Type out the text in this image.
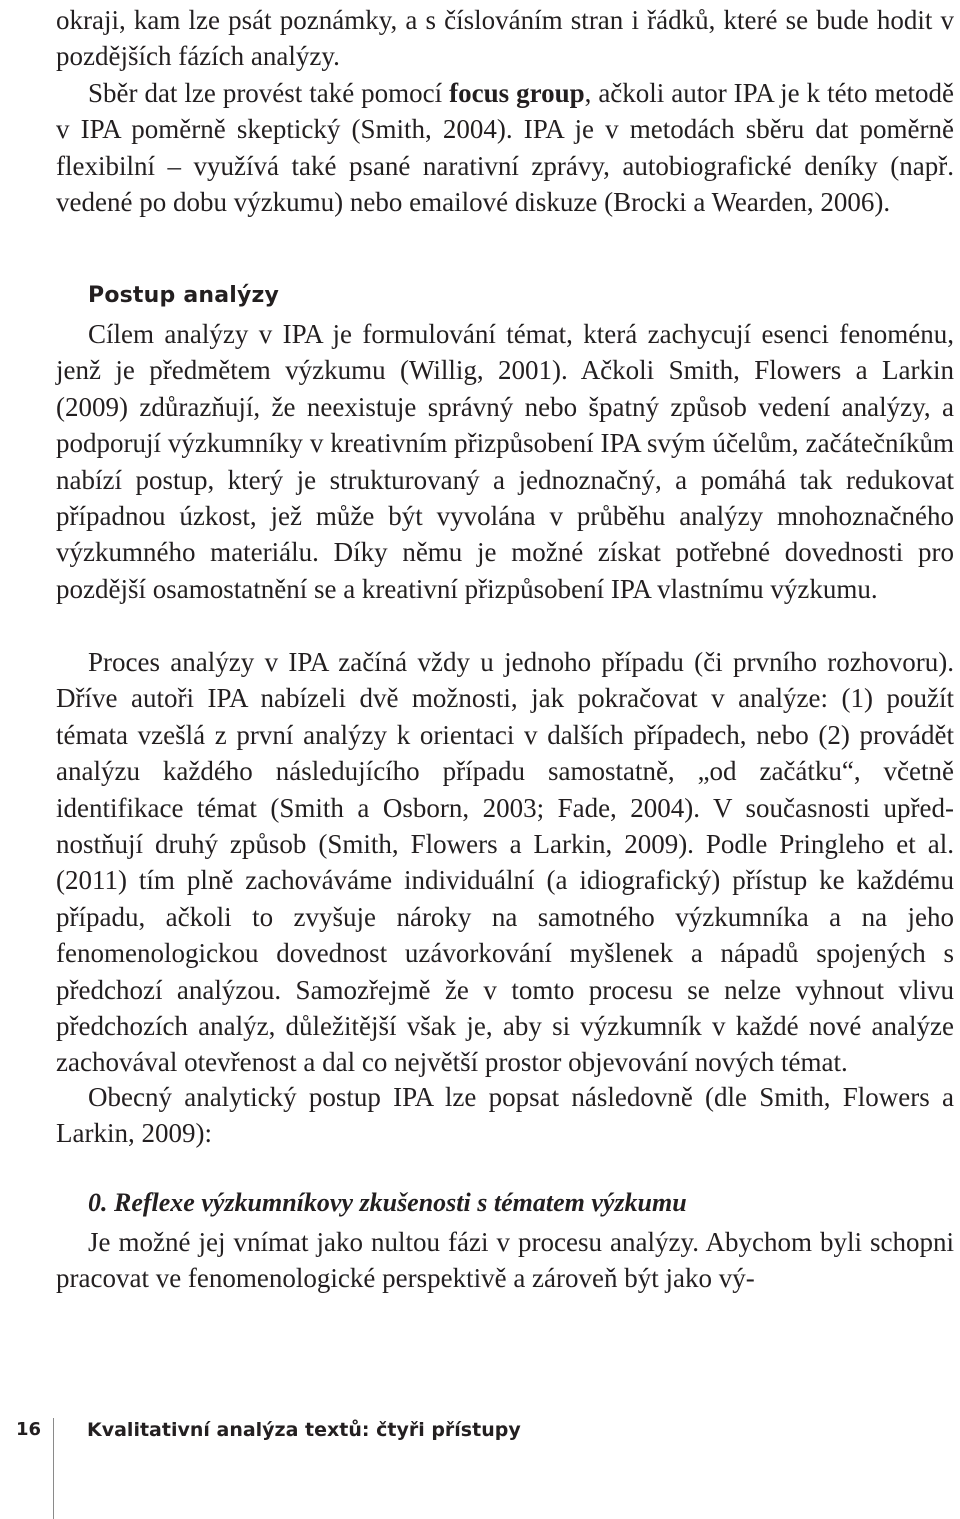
okraji, kam lze psát poznámky, a s číslováním stran i řádků, které se bude hodit v pozdějších fázích analýzy.

Sběr dat lze provést také pomocí focus group, ačkoli autor IPA je k této metodě v IPA poměrně skeptický (Smith, 2004). IPA je v metodách sběru dat poměrně flexibilní – využívá také psané narativní zprávy, autobiografické deníky (např. vedené po dobu výzkumu) nebo emailové diskuze (Brocki a Wearden, 2006).

Postup analýzy

Cílem analýzy v IPA je formulování témat, která zachycují esenci fenoménu, jenž je předmětem výzkumu (Willig, 2001). Ačkoli Smith, Flowers a Larkin (2009) zdůrazňují, že neexistuje správný nebo špatný způsob vedení analýzy, a podporují výzkumníky v kreativním přizpůsobení IPA svým účelům, začátečníkům nabízí postup, který je strukturovaný a jednoznačný, a pomáhá tak redukovat případnou úzkost, jež může být vyvolána v průběhu analýzy mnohoznačného výzkumného materiálu. Díky němu je možné získat potřebné dovednosti pro pozdější osamostatnění se a kreativní přizpůsobení IPA vlastnímu výzkumu.

Proces analýzy v IPA začíná vždy u jednoho případu (či prvního rozhovoru). Dříve autoři IPA nabízeli dvě možnosti, jak pokračovat v analýze: (1) použít témata vzešlá z první analýzy k orientaci v dalších případech, nebo (2) provádět analýzu každého následujícího případu samostatně, „od začátku“, včetně identifikace témat (Smith a Osborn, 2003; Fade, 2004). V současnosti upřednostňují druhý způsob (Smith, Flowers a Larkin, 2009). Podle Pringleho et al. (2011) tím plně zachováváme individuální (a idiografický) přístup ke každému případu, ačkoli to zvyšuje nároky na samotného výzkumníka a na jeho fenomenologickou dovednost uzávorkování myšlenek a nápadů spojených s předchozí analýzou. Samozřejmě že v tomto procesu se nelze vyhnout vlivu předchozích analýz, důležitější však je, aby si výzkumník v každé nové analýze zachovával otevřenost a dal co největší prostor objevování nových témat.

Obecný analytický postup IPA lze popsat následovně (dle Smith, Flowers a Larkin, 2009):

0. Reflexe výzkumníkovy zkušenosti s tématem výzkumu

Je možné jej vnímat jako nultou fázi v procesu analýzy. Abychom byli schopni pracovat ve fenomenologické perspektivě a zároveň být jako vý-

16 Kvalitativní analýza textů: čtyři přístupy
